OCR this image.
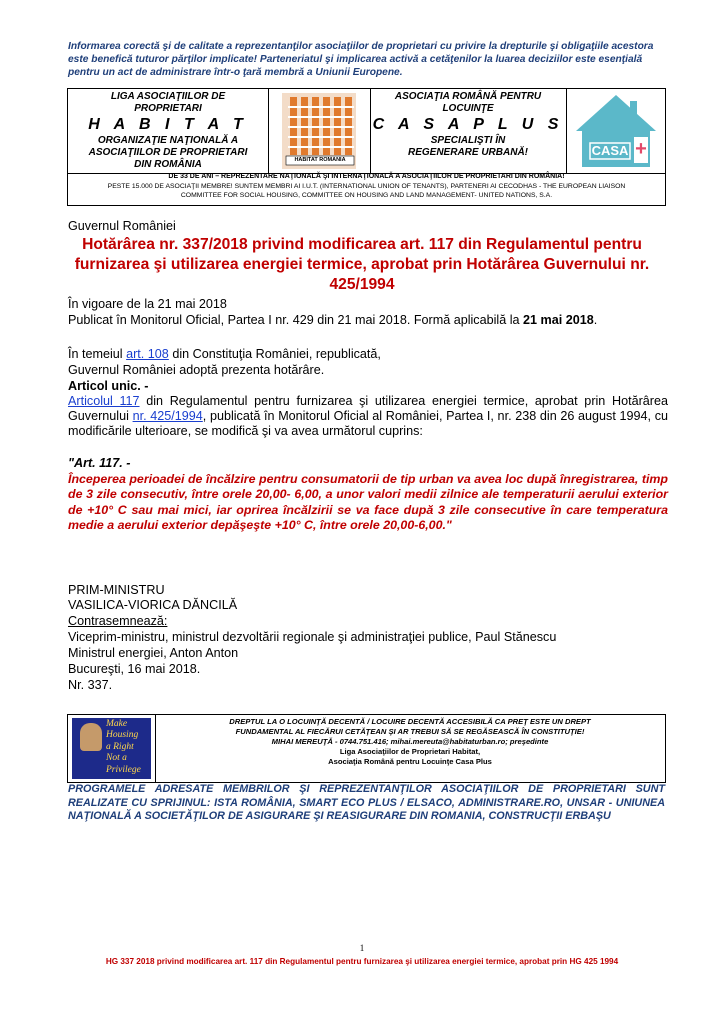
Informarea corectă şi de calitate a reprezentanţilor asociaţiilor de proprietari cu privire la drepturile şi obligaţiile acestora este benefică tuturor părţilor implicate! Parteneriatul şi implicarea activă a cetăţenilor la luarea deciziilor este esenţială pentru un act de administrare într-o ţară membră a Uniunii Europene.
LIGA ASOCIAŢIILOR DE
PROPRIETARI
H A B I T A T
ORGANIZAŢIE NAŢIONALĂ A
ASOCIAŢIILOR DE PROPRIETARI
DIN ROMÂNIA	HABITAT ROMANIA
ASOCIAŢIA ROMÂNĂ PENTRU
LOCUINŢE
C A S A P L U S
SPECIALIŞTI ÎN
REGENERARE URBANĂ!	CASA +
DE 33 DE ANI – REPREZENTARE NAŢIONALĂ ŞI INTERNAŢIONALĂ A ASOCIAŢIILOR DE PROPRIETARI DIN ROMÂNIA!
PESTE 15.000 DE ASOCIAŢII MEMBRE! SUNTEM MEMBRI AI I.U.T. (INTERNATIONAL UNION OF TENANTS), PARTENERI AI CECODHAS - THE EUROPEAN LIAISON
COMMITTEE FOR SOCIAL HOUSING, COMMITTEE ON HOUSING AND LAND MANAGEMENT- UNITED NATIONS, S.A.
Guvernul României
Hotărârea nr. 337/2018 privind modificarea art. 117 din Regulamentul pentru furnizarea şi utilizarea energiei termice, aprobat prin Hotărârea Guvernului nr. 425/1994
În vigoare de la 21 mai 2018
Publicat în Monitorul Oficial, Partea I nr. 429 din 21 mai 2018. Formă aplicabilă la 21 mai 2018.
În temeiul art. 108 din Constituţia României, republicată,
Guvernul României adoptă prezenta hotărâre.
Articol unic. -
Articolul 117 din Regulamentul pentru furnizarea şi utilizarea energiei termice, aprobat prin Hotărârea Guvernului nr. 425/1994, publicată în Monitorul Oficial al României, Partea I, nr. 238 din 26 august 1994, cu modificările ulterioare, se modifică şi va avea următorul cuprins:
"Art. 117. -
Începerea perioadei de încălzire pentru consumatorii de tip urban va avea loc după înregistrarea, timp de 3 zile consecutiv, între orele 20,00- 6,00, a unor valori medii zilnice ale temperaturii aerului exterior de +10° C sau mai mici, iar oprirea încălzirii se va face după 3 zile consecutive în care temperatura medie a aerului exterior depăşeşte +10° C, între orele 20,00-6,00."
PRIM-MINISTRU
VASILICA-VIORICA DĂNCILĂ
Contrasemnează:
Viceprim-ministru, ministrul dezvoltării regionale şi administraţiei publice, Paul Stănescu
Ministrul energiei, Anton Anton
Bucureşti, 16 mai 2018.
Nr. 337.
Make
Housing
a Right
Not a
Privilege
DREPTUL LA O LOCUINŢĂ DECENTĂ / LOCUIRE DECENTĂ ACCESIBILĂ CA PREŢ ESTE UN DREPT
FUNDAMENTAL AL FIECĂRUI CETĂŢEAN ŞI AR TREBUI SĂ SE REGĂSEASCĂ ÎN CONSTITUŢIE!
MIHAI MEREUŢĂ - 0744.751.416; mihai.mereuta@habitaturban.ro; preşedinte
Liga Asociaţiilor de Proprietari Habitat,
Asociaţia Română pentru Locuinţe Casa Plus
PROGRAMELE ADRESATE MEMBRILOR ŞI REPREZENTANŢILOR ASOCIAŢIILOR DE PROPRIETARI SUNT REALIZATE CU SPRIJINUL: ISTA ROMÂNIA, SMART ECO PLUS / ELSACO, ADMINISTRARE.RO, UNSAR - UNIUNEA NAŢIONALĂ A SOCIETĂŢILOR DE ASIGURARE ŞI REASIGURARE DIN ROMANIA, CONSTRUCŢII ERBAŞU
1
HG 337 2018 privind modificarea art. 117 din Regulamentul pentru furnizarea şi utilizarea energiei termice, aprobat prin HG 425 1994
